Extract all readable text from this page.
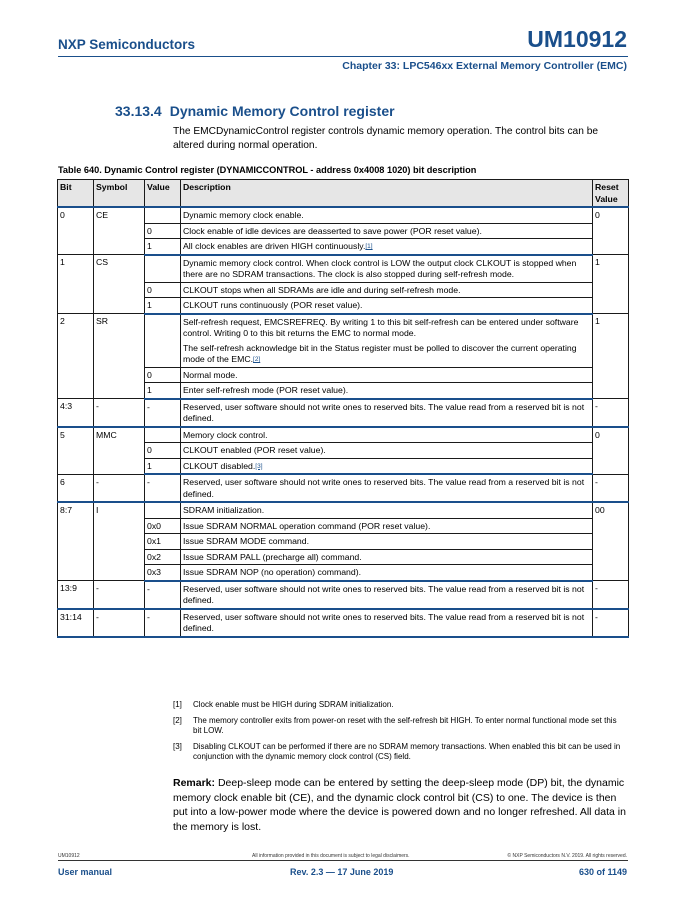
NXP Semiconductors	UM10912
Chapter 33: LPC546xx External Memory Controller (EMC)
33.13.4 Dynamic Memory Control register
The EMCDynamicControl register controls dynamic memory operation. The control bits can be altered during normal operation.
Table 640. Dynamic Control register (DYNAMICCONTROL - address 0x4008 1020) bit description
Bit	Symbol	Value	Description	Reset Value
0	CE		Dynamic memory clock enable.	0
		0	Clock enable of idle devices are deasserted to save power (POR reset value).	
		1	All clock enables are driven HIGH continuously.[1]
1	CS		Dynamic memory clock control. When clock control is LOW the output clock CLKOUT is stopped when there are no SDRAM transactions. The clock is also stopped during self-refresh mode.	1
		0	CLKOUT stops when all SDRAMs are idle and during self-refresh mode.	
		1	CLKOUT runs continuously (POR reset value).	
2	SR		Self-refresh request, EMCSREFREQ. By writing 1 to this bit self-refresh can be entered under software control. Writing 0 to this bit returns the EMC to normal mode.
The self-refresh acknowledge bit in the Status register must be polled to discover the current operating mode of the EMC.[2]	1
		0	Normal mode.	
		1	Enter self-refresh mode (POR reset value).	
4:3	-	-	Reserved, user software should not write ones to reserved bits. The value read from a reserved bit is not defined.	-
5	MMC		Memory clock control.	0
		0	CLKOUT enabled (POR reset value).	
		1	CLKOUT disabled.[3]
6	-	-	Reserved, user software should not write ones to reserved bits. The value read from a reserved bit is not defined.	-
8:7	I		SDRAM initialization.	00
		0x0	Issue SDRAM NORMAL operation command (POR reset value).	
		0x1	Issue SDRAM MODE command.	
		0x2	Issue SDRAM PALL (precharge all) command.	
		0x3	Issue SDRAM NOP (no operation) command).	
13:9	-	-	Reserved, user software should not write ones to reserved bits. The value read from a reserved bit is not defined.	-
31:14	-	-	Reserved, user software should not write ones to reserved bits. The value read from a reserved bit is not defined.	-
[1]	Clock enable must be HIGH during SDRAM initialization.
[2]	The memory controller exits from power-on reset with the self-refresh bit HIGH. To enter normal functional mode set this bit LOW.
[3]	Disabling CLKOUT can be performed if there are no SDRAM memory transactions. When enabled this bit can be used in conjunction with the dynamic memory clock control (CS) field.
Remark: Deep-sleep mode can be entered by setting the deep-sleep mode (DP) bit, the dynamic memory clock enable bit (CE), and the dynamic clock control bit (CS) to one. The device is then put into a low-power mode where the device is powered down and no longer refreshed. All data in the memory is lost.
UM10912	All information provided in this document is subject to legal disclaimers.	© NXP Semiconductors N.V. 2019. All rights reserved.
User manual	Rev. 2.3 — 17 June 2019	630 of 1149
